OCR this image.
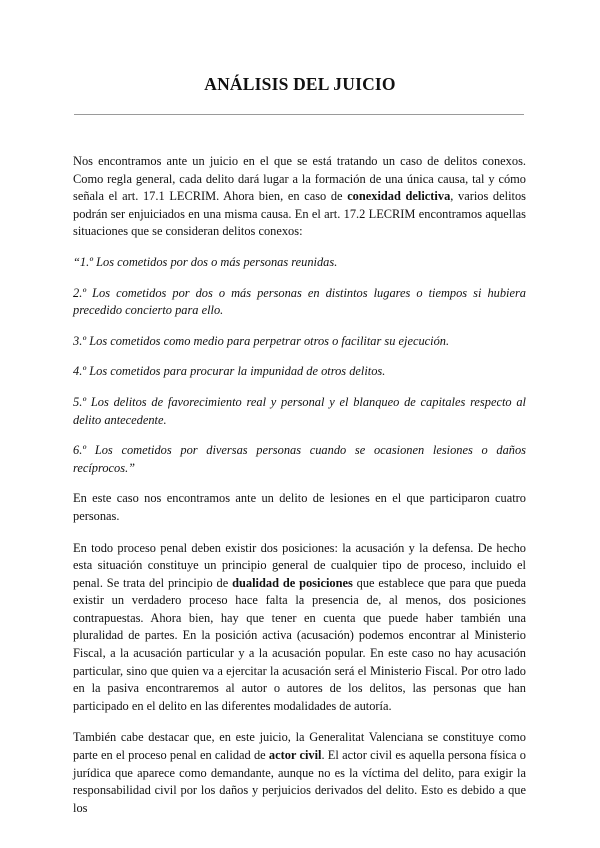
ANÁLISIS DEL JUICIO

Nos encontramos ante un juicio en el que se está tratando un caso de delitos conexos. Como regla general, cada delito dará lugar a la formación de una única causa, tal y cómo señala el art. 17.1 LECRIM. Ahora bien, en caso de conexidad delictiva, varios delitos podrán ser enjuiciados en una misma causa. En el art. 17.2 LECRIM encontramos aquellas situaciones que se consideran delitos conexos:

“1.º Los cometidos por dos o más personas reunidas.

2.º Los cometidos por dos o más personas en distintos lugares o tiempos si hubiera precedido concierto para ello.

3.º Los cometidos como medio para perpetrar otros o facilitar su ejecución.

4.º Los cometidos para procurar la impunidad de otros delitos.

5.º Los delitos de favorecimiento real y personal y el blanqueo de capitales respecto al delito antecedente.

6.º Los cometidos por diversas personas cuando se ocasionen lesiones o daños recíprocos.”

En este caso nos encontramos ante un delito de lesiones en el que participaron cuatro personas.

En todo proceso penal deben existir dos posiciones: la acusación y la defensa. De hecho esta situación constituye un principio general de cualquier tipo de proceso, incluido el penal. Se trata del principio de dualidad de posiciones que establece que para que pueda existir un verdadero proceso hace falta la presencia de, al menos, dos posiciones contrapuestas. Ahora bien, hay que tener en cuenta que puede haber también una pluralidad de partes. En la posición activa (acusación) podemos encontrar al Ministerio Fiscal, a la acusación particular y a la acusación popular. En este caso no hay acusación particular, sino que quien va a ejercitar la acusación será el Ministerio Fiscal. Por otro lado en la pasiva encontraremos al autor o autores de los delitos, las personas que han participado en el delito en las diferentes modalidades de autoría.

También cabe destacar que, en este juicio, la Generalitat Valenciana se constituye como parte en el proceso penal en calidad de actor civil. El actor civil es aquella persona física o jurídica que aparece como demandante, aunque no es la víctima del delito, para exigir la responsabilidad civil por los daños y perjuicios derivados del delito. Esto es debido a que los
